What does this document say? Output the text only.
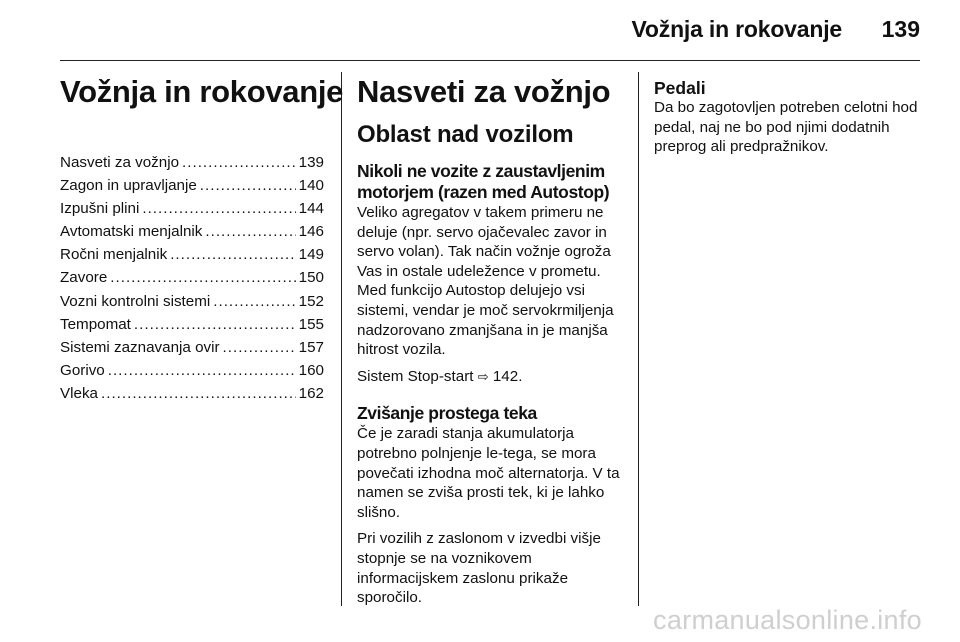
Vožnja in rokovanje 139
Vožnja in rokovanje
Nasveti za vožnjo .....	139
Zagon in upravljanje .....	140
Izpušni plini .....	144
Avtomatski menjalnik .....	146
Ročni menjalnik .....	149
Zavore .....	150
Vozni kontrolni sistemi .....	152
Tempomat .....	155
Sistemi zaznavanja ovir .....	157
Gorivo .....	160
Vleka .....	162
Nasveti za vožnjo
Oblast nad vozilom
Nikoli ne vozite z zaustavljenim motorjem (razen med Autostop)

Veliko agregatov v takem primeru ne deluje (npr. servo ojačevalec zavor in servo volan). Tak način vožnje ogroža Vas in ostale udeležence v prometu. Med funkcijo Autostop delujejo vsi sistemi, vendar je moč servokrmiljenja nadzorovano zmanjšana in je manjša hitrost vozila.

Sistem Stop-start ⇨ 142.

Zvišanje prostega teka

Če je zaradi stanja akumulatorja potrebno polnjenje le-tega, se mora povečati izhodna moč alternatorja. V ta namen se zviša prosti tek, ki je lahko slišno.

Pri vozilih z zaslonom v izvedbi višje stopnje se na voznikovem informacijskem zaslonu prikaže sporočilo.

Pedali

Da bo zagotovljen potreben celotni hod pedal, naj ne bo pod njimi dodatnih preprog ali predpražnikov.

carmanualsonline.info
